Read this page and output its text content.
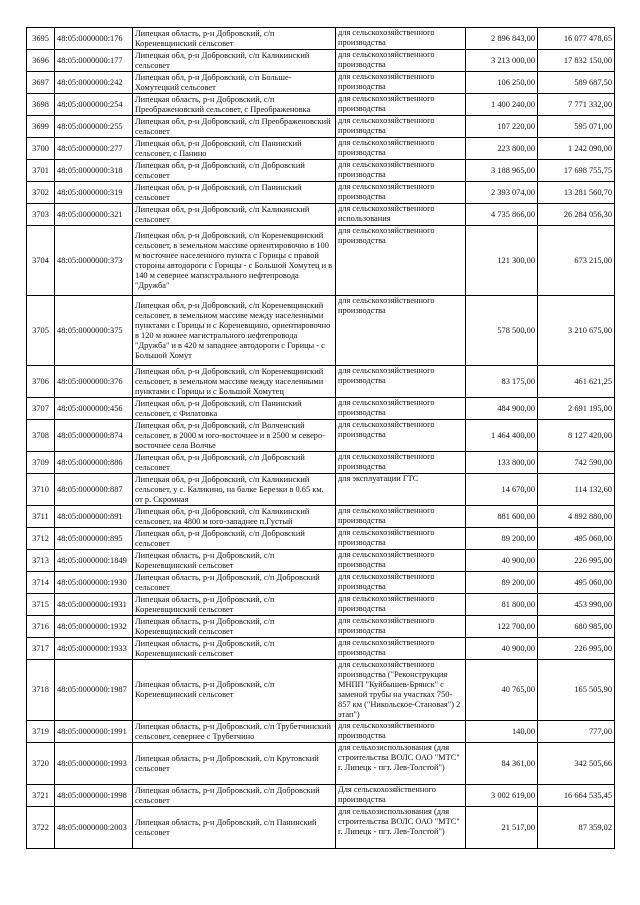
3695	48:05:0000000:176	Липецкая область, р-н Добровский, с/п Кореневщинский сельсовет	для сельскохозяйственного производства	2 896 843,00	16 077 478,65
3696	48:05:0000000:177	Липецкая обл, р-н Добровский, с/п Каликинский сельсовет	для сельскохозяйственного производства	3 213 000,00	17 832 150,00
3697	48:05:0000000:242	Липецкая обл, р-н Добровский, с/п Больше-Хомутецкий сельсовет	для сельскохозяйственного производства	106 250,00	589 687,50
3698	48:05:0000000:254	Липецкая область, р-н Добровский, с/п Преображеновский сельсовет, с Преображеновка	для сельскохозяйственного производства	1 400 240,00	7 771 332,00
3699	48:05:0000000:255	Липецкая обл, р-н Добровский, с/п Преображеновский сельсовет	для сельскохозяйственного производства	107 220,00	595 071,00
3700	48:05:0000000:277	Липецкая обл, р-н Добровский, с/п Панинский сельсовет, с Панино	для сельскохозяйственного производства	223 800,00	1 242 090,00
3701	48:05:0000000:318	Липецкая обл, р-н Добровский, с/п Добровский сельсовет	для сельскохозяйственного производства	3 188 965,00	17 698 755,75
3702	48:05:0000000:319	Липецкая обл, р-н Добровский, с/п Панинский сельсовет	для сельскохозяйственного производства	2 393 074,00	13 281 560,70
3703	48:05:0000000:321	Липецкая обл, р-н Добровский, с/п Каликинский сельсовет	для сельскохозяйственного использования	4 735 866,00	26 284 056,30
3704	48:05:0000000:373	Липецкая обл, р-н Добровский, с/п Кореневщинский сельсовет, в земельном массиве ориентировочно в 100 м восточнее населенного пункта с Горицы с правой стороны автодороги с Горицы - с Большой Хомутец и в 140 м севернее магистрального нефтепровода "Дружба"	для сельскохозяйственного производства	121 300,00	673 215,00
3705	48:05:0000000:375	Липецкая обл, р-н Добровский, с/п Кореневщинский сельсовет, в земельном массиве между населенными пунктами с Горицы и с Кореневщино, ориентировочно в 120 м южнее магистрального нефтепровода "Дружба" и в 420 м западнее автодороги с Горицы - с Большой Хомут	для сельскохозяйственного производства	578 500,00	3 210 675,00
3706	48:05:0000000:376	Липецкая обл, р-н Добровский, с/п Кореневщинский сельсовет, в земельном массиве между населенными пунктами с Горицы и с Большой Хомутец	для сельскохозяйственного производства	83 175,00	461 621,25
3707	48:05:0000000:456	Липецкая обл, р-н Добровский, с/п Панинский сельсовет, с Филатовка	для сельскохозяйственного производства	484 900,00	2 691 195,00
3708	48:05:0000000:874	Липецкая обл, р-н Добровский, с/п Волченский сельсовет, в 2000 м юго-восточнее и в 2500 м северо-восточнее села Волчье	для сельскохозяйственного производства	1 464 400,00	8 127 420,00
3709	48:05:0000000:886	Липецкая обл, р-н Добровский, с/п Добровский сельсовет	для сельскохозяйственного производства	133 800,00	742 590,00
3710	48:05:0000000:887	Липецкая обл, р-н Добровский, с/п Каликинский сельсовет, у с. Каликино, на балке Березки в 0.65 км. от р. Скромная	для эксплуатации ГТС	14 670,00	114 132,60
3711	48:05:0000000:891	Липецкая обл, р-н Добровский, с/п Каликинский сельсовет, на 4800 м юго-западнее п.Густый	для сельскохозяйственного производства	881 600,00	4 892 880,00
3712	48:05:0000000:895	Липецкая обл, р-н Добровский, с/п Добровский сельсовет	для сельскохозяйственного производства	89 200,00	495 060,00
3713	48:05:0000000:1849	Липецкая область, р-н Добровский, с/п Кореневщинский сельсовет	для сельскохозяйственного производства	40 900,00	226 995,00
3714	48:05:0000000:1930	Липецкая область, р-н Добровский, с/п Добровский сельсовет	для сельскохозяйственного производства	89 200,00	495 060,00
3715	48:05:0000000:1931	Липецкая область, р-н Добровский, с/п Кореневщинский сельсовет	для сельскохозяйственного производства	81 800,00	453 990,00
3716	48:05:0000000:1932	Липецкая область, р-н Добровский, с/п Кореневщинский сельсовет	для сельскохозяйственного производства	122 700,00	680 985,00
3717	48:05:0000000:1933	Липецкая область, р-н Добровский, с/п Кореневщинский сельсовет	для сельскохозяйственного производства	40 900,00	226 995,00
3718	48:05:0000000:1987	Липецкая область, р-н Добровский, с/п Кореневщинский сельсовет	для сельскохозяйственного производства ("Реконструкция МНПП "Куйбышев-Брянск" с заменой трубы на участках 750-857 км ("Никольское-Становая") 2 этап")	40 765,00	165 505,90
3719	48:05:0000000:1991	Липецкая область, р-н Добровский, с/п Трубетчинский сельсовет, севернее с Трубетчино	для сельскохозяйственного производства	140,00	777,00
3720	48:05:0000000:1993	Липецкая область, р-н Добровский, с/п Крутовский сельсовет	для сельхозиспользования (для строительства ВОЛС ОАО "МТС" г. Липецк - пгт. Лев-Толстой")	84 361,00	342 505,66
3721	48:05:0000000:1998	Липецкая область, р-н Добровский, с/п Добровский сельсовет	Для сельскохозяйственного производства	3 002 619,00	16 664 535,45
3722	48:05:0000000:2003	Липецкая область, р-н Добровский, с/п Панинский сельсовет	для сельхозиспользования (для строительства ВОЛС ОАО "МТС" г. Липецк - пгт. Лев-Толстой")	21 517,00	87 359,02
